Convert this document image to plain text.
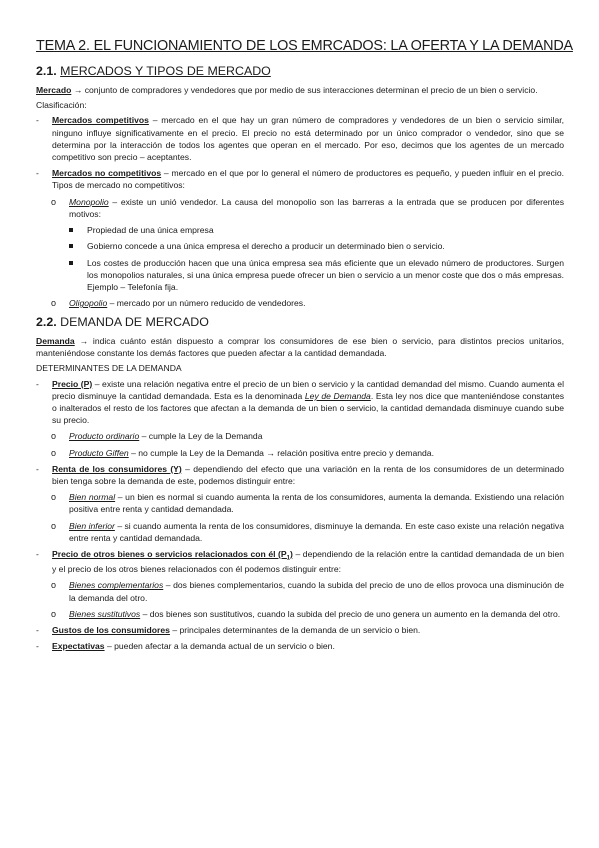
TEMA 2. EL FUNCIONAMIENTO DE LOS EMRCADOS: LA OFERTA Y LA DEMANDA
2.1. MERCADOS Y TIPOS DE MERCADO

Mercado → conjunto de compradores y vendedores que por medio de sus interacciones determinan el precio de un bien o servicio.

Clasificación:

- Mercados competitivos – mercado en el que hay un gran número de compradores y vendedores de un bien o servicio similar, ninguno influye significativamente en el precio. El precio no está determinado por un único comprador o vendedor, sino que se determina por la interacción de todos los agentes que operan en el mercado. Por eso, decimos que los agentes de un mercado competitivo son precio – aceptantes.
- Mercados no competitivos – mercado en el que por lo general el número de productores es pequeño, y pueden influir en el precio. Tipos de mercado no competitivos:
o Monopolio – existe un unió vendedor. La causa del monopolio son las barreras a la entrada que se producen por diferentes motivos:
Propiedad de una única empresa
Gobierno concede a una única empresa el derecho a producir un determinado bien o servicio.
Los costes de producción hacen que una única empresa sea más eficiente que un elevado número de productores. Surgen los monopolios naturales, si una única empresa puede ofrecer un bien o servicio a un menor coste que dos o más empresas. Ejemplo – Telefonía fija.
o Oligopolio – mercado por un número reducido de vendedores.
2.2. DEMANDA DE MERCADO

Demanda → indica cuánto están dispuesto a comprar los consumidores de ese bien o servicio, para distintos precios unitarios, manteniéndose constante los demás factores que pueden afectar a la cantidad demandada.

DETERMINANTES DE LA DEMANDA

- Precio (P) – existe una relación negativa entre el precio de un bien o servicio y la cantidad demandad del mismo. Cuando aumenta el precio disminuye la cantidad demandada. Esta es la denominada Ley de Demanda. Esta ley nos dice que manteniéndose constantes o inalterados el resto de los factores que afectan a la demanda de un bien o servicio, la cantidad demandada disminuye cuando sube su precio.
o Producto ordinario – cumple la Ley de la Demanda
o Producto Giffen – no cumple la Ley de la Demanda → relación positiva entre precio y demanda.
- Renta de los consumidores (Y) – dependiendo del efecto que una variación en la renta de los consumidores de un determinado bien tenga sobre la demanda de este, podemos distinguir entre:
o Bien normal – un bien es normal si cuando aumenta la renta de los consumidores, aumenta la demanda. Existiendo una relación positiva entre renta y cantidad demandada.
o Bien inferior – si cuando aumenta la renta de los consumidores, disminuye la demanda. En este caso existe una relación negativa entre renta y cantidad demandada.
- Precio de otros bienes o servicios relacionados con él $(P_1)$ – dependiendo de la relación entre la cantidad demandada de un bien y el precio de los otros bienes relacionados con él podemos distinguir entre:
o Bienes complementarios – dos bienes complementarios, cuando la subida del precio de uno de ellos provoca una disminución de la demanda del otro.
o Bienes sustitutivos – dos bienes son sustitutivos, cuando la subida del precio de uno genera un aumento en la demanda del otro.
- Gustos de los consumidores – principales determinantes de la demanda de un servicio o bien.
- Expectativas – pueden afectar a la demanda actual de un servicio o bien.
